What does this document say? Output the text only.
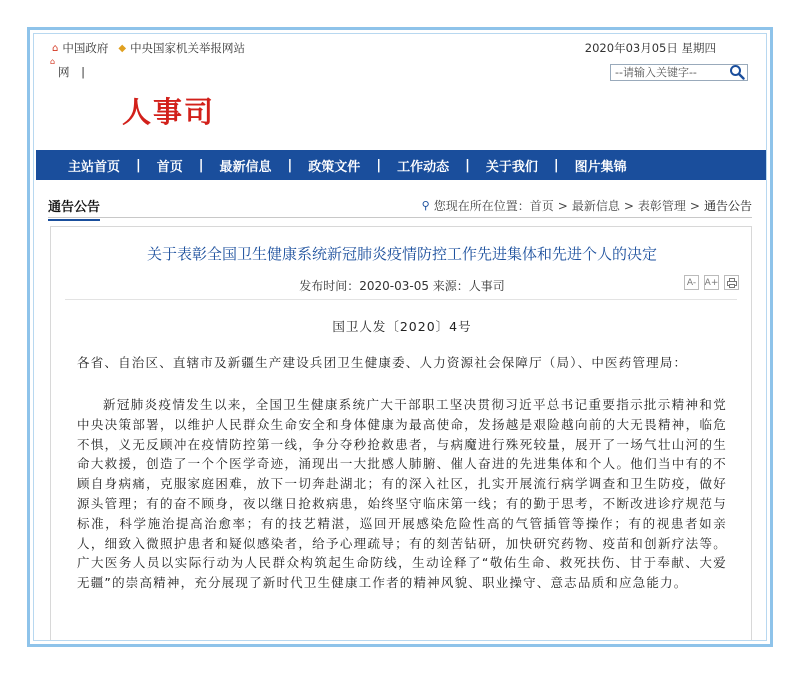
⌂ 中国政府 ◆ 中央国家机关举报网站	2020年03月05日 星期四
⌂
网 |
--请输入关键字--
人事司
主站首页 | 首页 | 最新信息 | 政策文件 | 工作动态 | 关于我们 | 图片集锦
通告公告	⚲ 您现在所在位置： 首页 > 最新信息 > 表彰管理 > 通告公告
关于表彰全国卫生健康系统新冠肺炎疫情防控工作先进集体和先进个人的决定
发布时间：2020-03-05 来源：人事司	A- A+
国卫人发〔2020〕4号
各省、自治区、直辖市及新疆生产建设兵团卫生健康委、人力资源社会保障厅（局）、中医药管理局：
新冠肺炎疫情发生以来，全国卫生健康系统广大干部职工坚决贯彻习近平总书记重要指示批示精神和党中央决策部署，以维护人民群众生命安全和身体健康为最高使命，发扬越是艰险越向前的大无畏精神，临危不惧，义无反顾冲在疫情防控第一线，争分夺秒抢救患者，与病魔进行殊死较量，展开了一场气壮山河的生命大救援，创造了一个个医学奇迹，涌现出一大批感人肺腑、催人奋进的先进集体和个人。他们当中有的不顾自身病痛，克服家庭困难，放下一切奔赴湖北；有的深入社区，扎实开展流行病学调查和卫生防疫，做好源头管理；有的奋不顾身，夜以继日抢救病患，始终坚守临床第一线；有的勤于思考，不断改进诊疗规范与标准，科学施治提高治愈率；有的技艺精湛，巡回开展感染危险性高的气管插管等操作；有的视患者如亲人，细致入微照护患者和疑似感染者，给予心理疏导；有的刻苦钻研，加快研究药物、疫苗和创新疗法等。广大医务人员以实际行动为人民群众构筑起生命防线，生动诠释了“敬佑生命、救死扶伤、甘于奉献、大爱无疆”的崇高精神，充分展现了新时代卫生健康工作者的精神风貌、职业操守、意志品质和应急能力。
